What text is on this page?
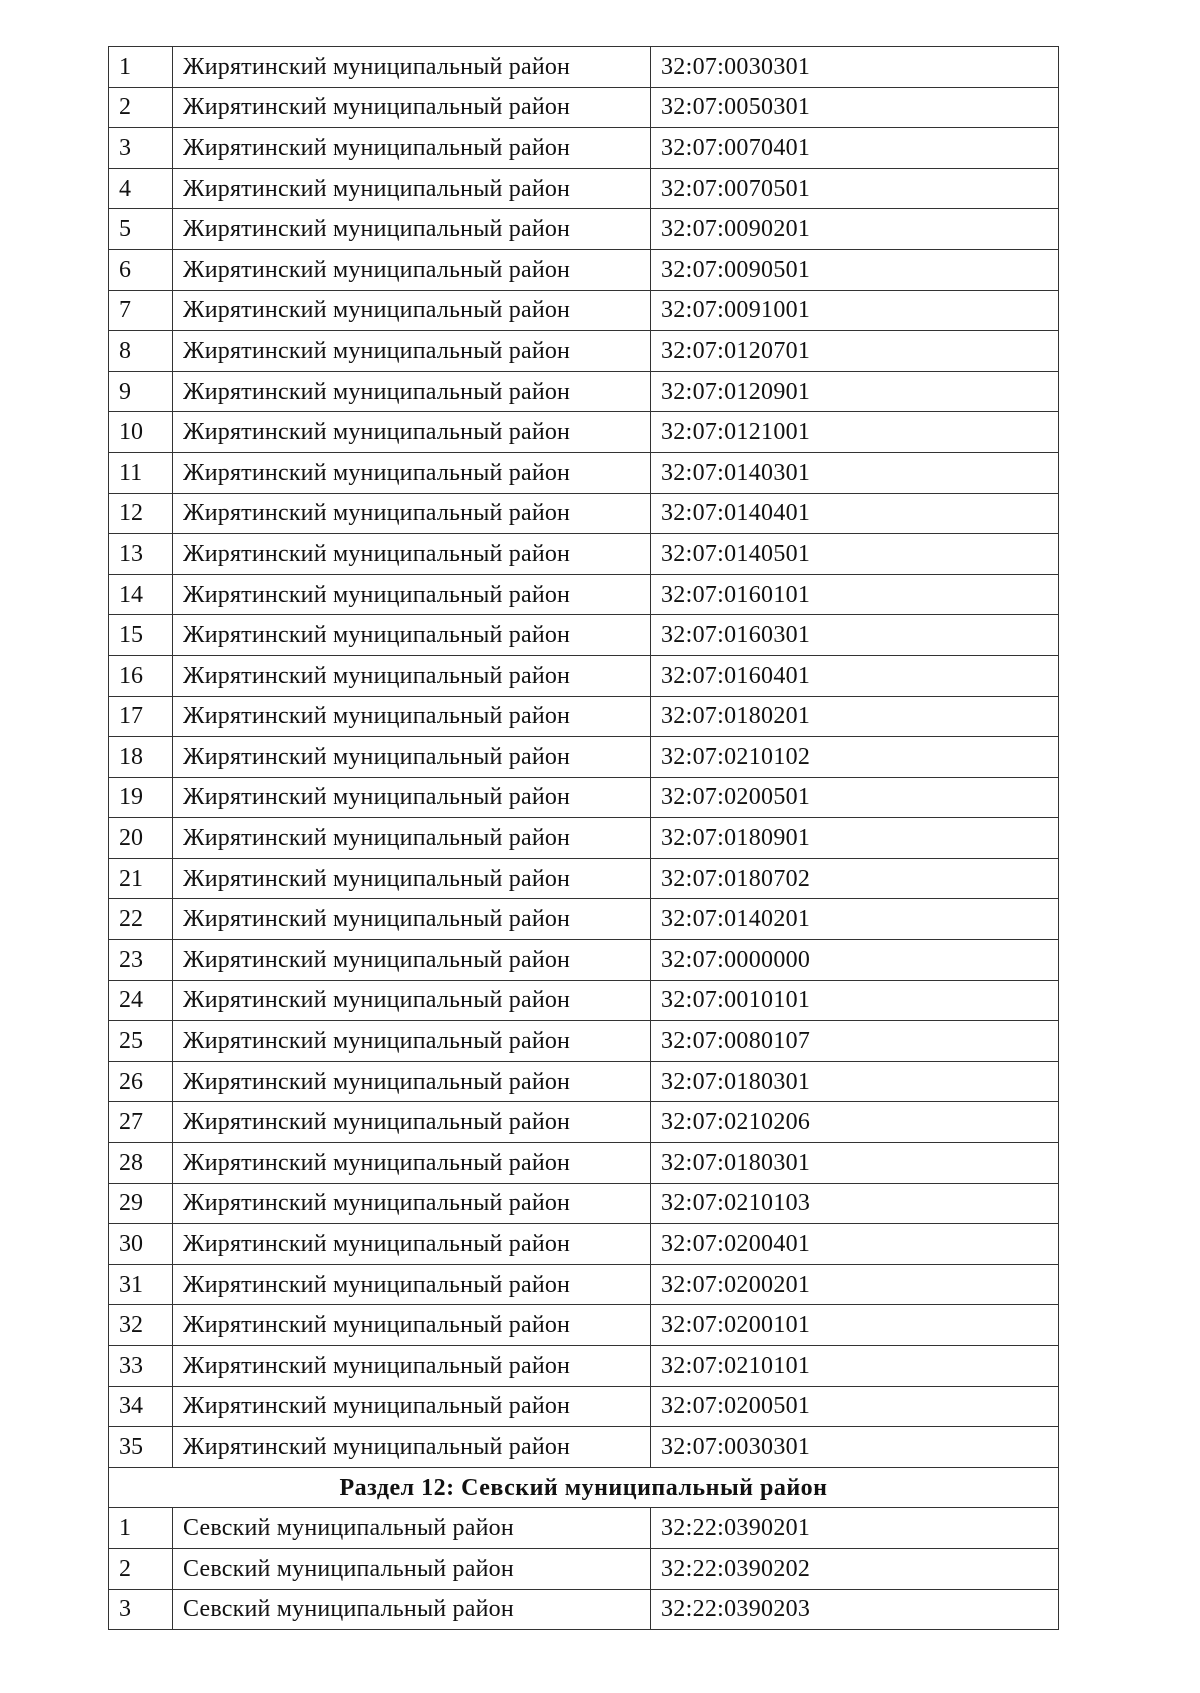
1	Жирятинский муниципальный район	32:07:0030301
2	Жирятинский муниципальный район	32:07:0050301
3	Жирятинский муниципальный район	32:07:0070401
4	Жирятинский муниципальный район	32:07:0070501
5	Жирятинский муниципальный район	32:07:0090201
6	Жирятинский муниципальный район	32:07:0090501
7	Жирятинский муниципальный район	32:07:0091001
8	Жирятинский муниципальный район	32:07:0120701
9	Жирятинский муниципальный район	32:07:0120901
10	Жирятинский муниципальный район	32:07:0121001
11	Жирятинский муниципальный район	32:07:0140301
12	Жирятинский муниципальный район	32:07:0140401
13	Жирятинский муниципальный район	32:07:0140501
14	Жирятинский муниципальный район	32:07:0160101
15	Жирятинский муниципальный район	32:07:0160301
16	Жирятинский муниципальный район	32:07:0160401
17	Жирятинский муниципальный район	32:07:0180201
18	Жирятинский муниципальный район	32:07:0210102
19	Жирятинский муниципальный район	32:07:0200501
20	Жирятинский муниципальный район	32:07:0180901
21	Жирятинский муниципальный район	32:07:0180702
22	Жирятинский муниципальный район	32:07:0140201
23	Жирятинский муниципальный район	32:07:0000000
24	Жирятинский муниципальный район	32:07:0010101
25	Жирятинский муниципальный район	32:07:0080107
26	Жирятинский муниципальный район	32:07:0180301
27	Жирятинский муниципальный район	32:07:0210206
28	Жирятинский муниципальный район	32:07:0180301
29	Жирятинский муниципальный район	32:07:0210103
30	Жирятинский муниципальный район	32:07:0200401
31	Жирятинский муниципальный район	32:07:0200201
32	Жирятинский муниципальный район	32:07:0200101
33	Жирятинский муниципальный район	32:07:0210101
34	Жирятинский муниципальный район	32:07:0200501
35	Жирятинский муниципальный район	32:07:0030301
Раздел 12: Севский муниципальный район		
1	Севский муниципальный район	32:22:0390201
2	Севский муниципальный район	32:22:0390202
3	Севский муниципальный район	32:22:0390203
